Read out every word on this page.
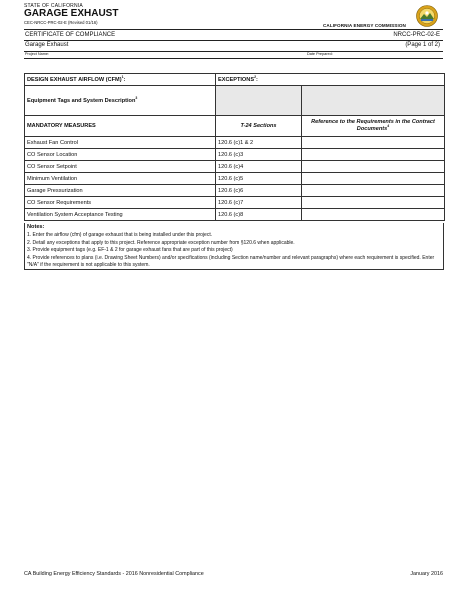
STATE OF CALIFORNIA
GARAGE EXHAUST
CEC-NRCC-PRC-02-E (Revised 01/16)
CALIFORNIA ENERGY COMMISSION
CERTIFICATE OF COMPLIANCE	NRCC-PRC-02-E
Garage Exhaust	(Page 1 of 2)
Project Name:	Date Prepared:
DESIGN EXHAUST AIRFLOW (CFM)$^1$:	EXCEPTIONS$^2$:	
Equipment Tags and System Description$^3$		
MANDATORY MEASURES	T-24 Sections	Reference to the Requirements in the Contract Documents$^4$
Exhaust Fan Control	120.6 (c)1 & 2	
CO Sensor Location	120.6 (c)3	
CO Sensor Setpoint	120.6 (c)4	
Minimum Ventilation	120.6 (c)5	
Garage Pressurization	120.6 (c)6	
CO Sensor Requirements	120.6 (c)7	
Ventilation System Acceptance Testing	120.6 (c)8	
Notes:
1. Enter the airflow (cfm) of garage exhaust that is being installed under this project.
2. Detail any exceptions that apply to this project. Reference appropriate exception number from §120.6 when applicable.
3. Provide equipment tags (e.g. EF-1 & 2 for garage exhaust fans that are part of this project)
4. Provide references to plans (i.e. Drawing Sheet Numbers) and/or specifications (including Section name/number and relevant paragraphs) where each requirement is specified. Enter "N/A" if the requirement is not applicable to this system.
CA Building Energy Efficiency Standards - 2016 Nonresidential Compliance	January 2016
